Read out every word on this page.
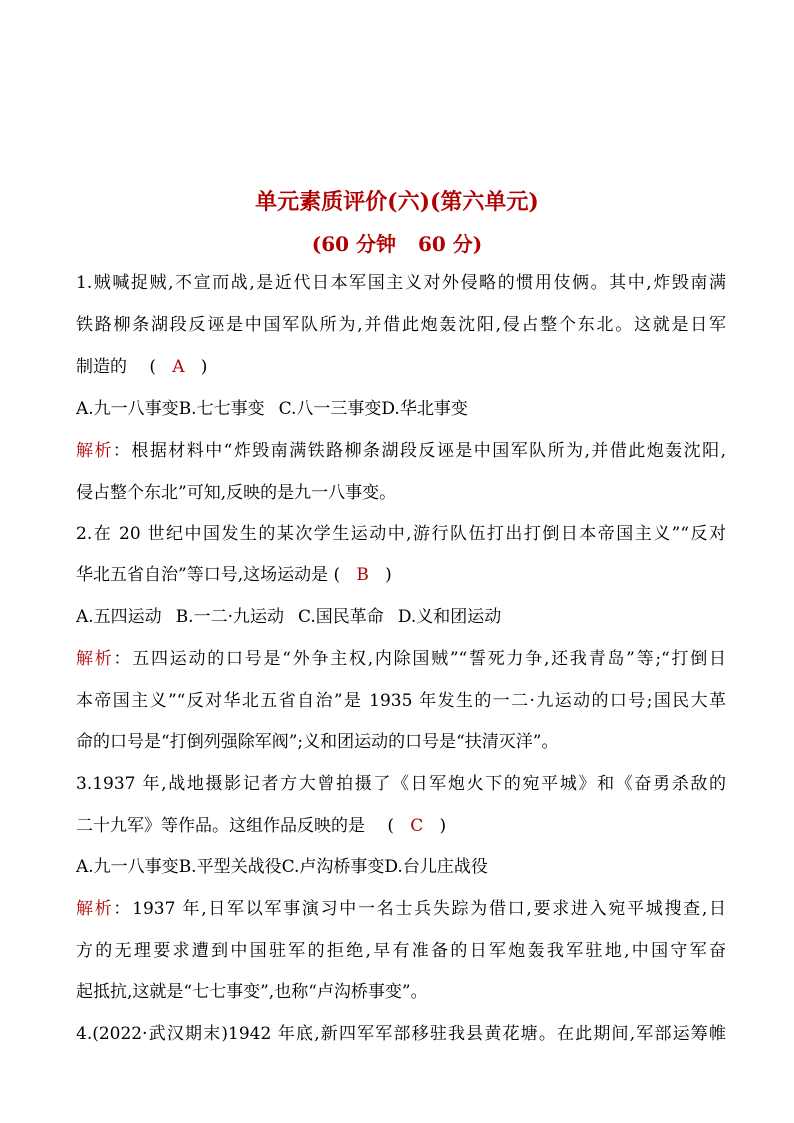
单元素质评价(六)(第六单元)
(60 分钟 60 分)
1.贼喊捉贼,不宣而战,是近代日本军国主义对外侵略的惯用伎俩。其中,炸毁南满
铁路柳条湖段反诬是中国军队所为,并借此炮轰沈阳,侵占整个东北。这就是日军
制造的　 ( A )
A.九一八事变B.七七事变 C.八一三事变D.华北事变
解析：根据材料中“炸毁南满铁路柳条湖段反诬是中国军队所为,并借此炮轰沈阳,
侵占整个东北”可知,反映的是九一八事变。
2.在 20 世纪中国发生的某次学生运动中,游行队伍打出打倒日本帝国主义”“反对
华北五省自治”等口号,这场运动是 ( B )
A.五四运动 B.一二·九运动 C.国民革命 D.义和团运动
解析：五四运动的口号是“外争主权,内除国贼”“誓死力争,还我青岛”等;“打倒日
本帝国主义”“反对华北五省自治”是 1935 年发生的一二·九运动的口号;国民大革
命的口号是“打倒列强除军阀”;义和团运动的口号是“扶清灭洋”。
3.1937 年,战地摄影记者方大曾拍摄了《日军炮火下的宛平城》和《奋勇杀敌的
二十九军》等作品。这组作品反映的是　 ( C )
A.九一八事变B.平型关战役C.卢沟桥事变D.台儿庄战役
解析：1937 年,日军以军事演习中一名士兵失踪为借口,要求进入宛平城搜查,日
方的无理要求遭到中国驻军的拒绝,早有准备的日军炮轰我军驻地,中国守军奋
起抵抗,这就是“七七事变”,也称“卢沟桥事变”。
4.(2022·武汉期末)1942 年底,新四军军部移驻我县黄花塘。在此期间,军部运筹帷
